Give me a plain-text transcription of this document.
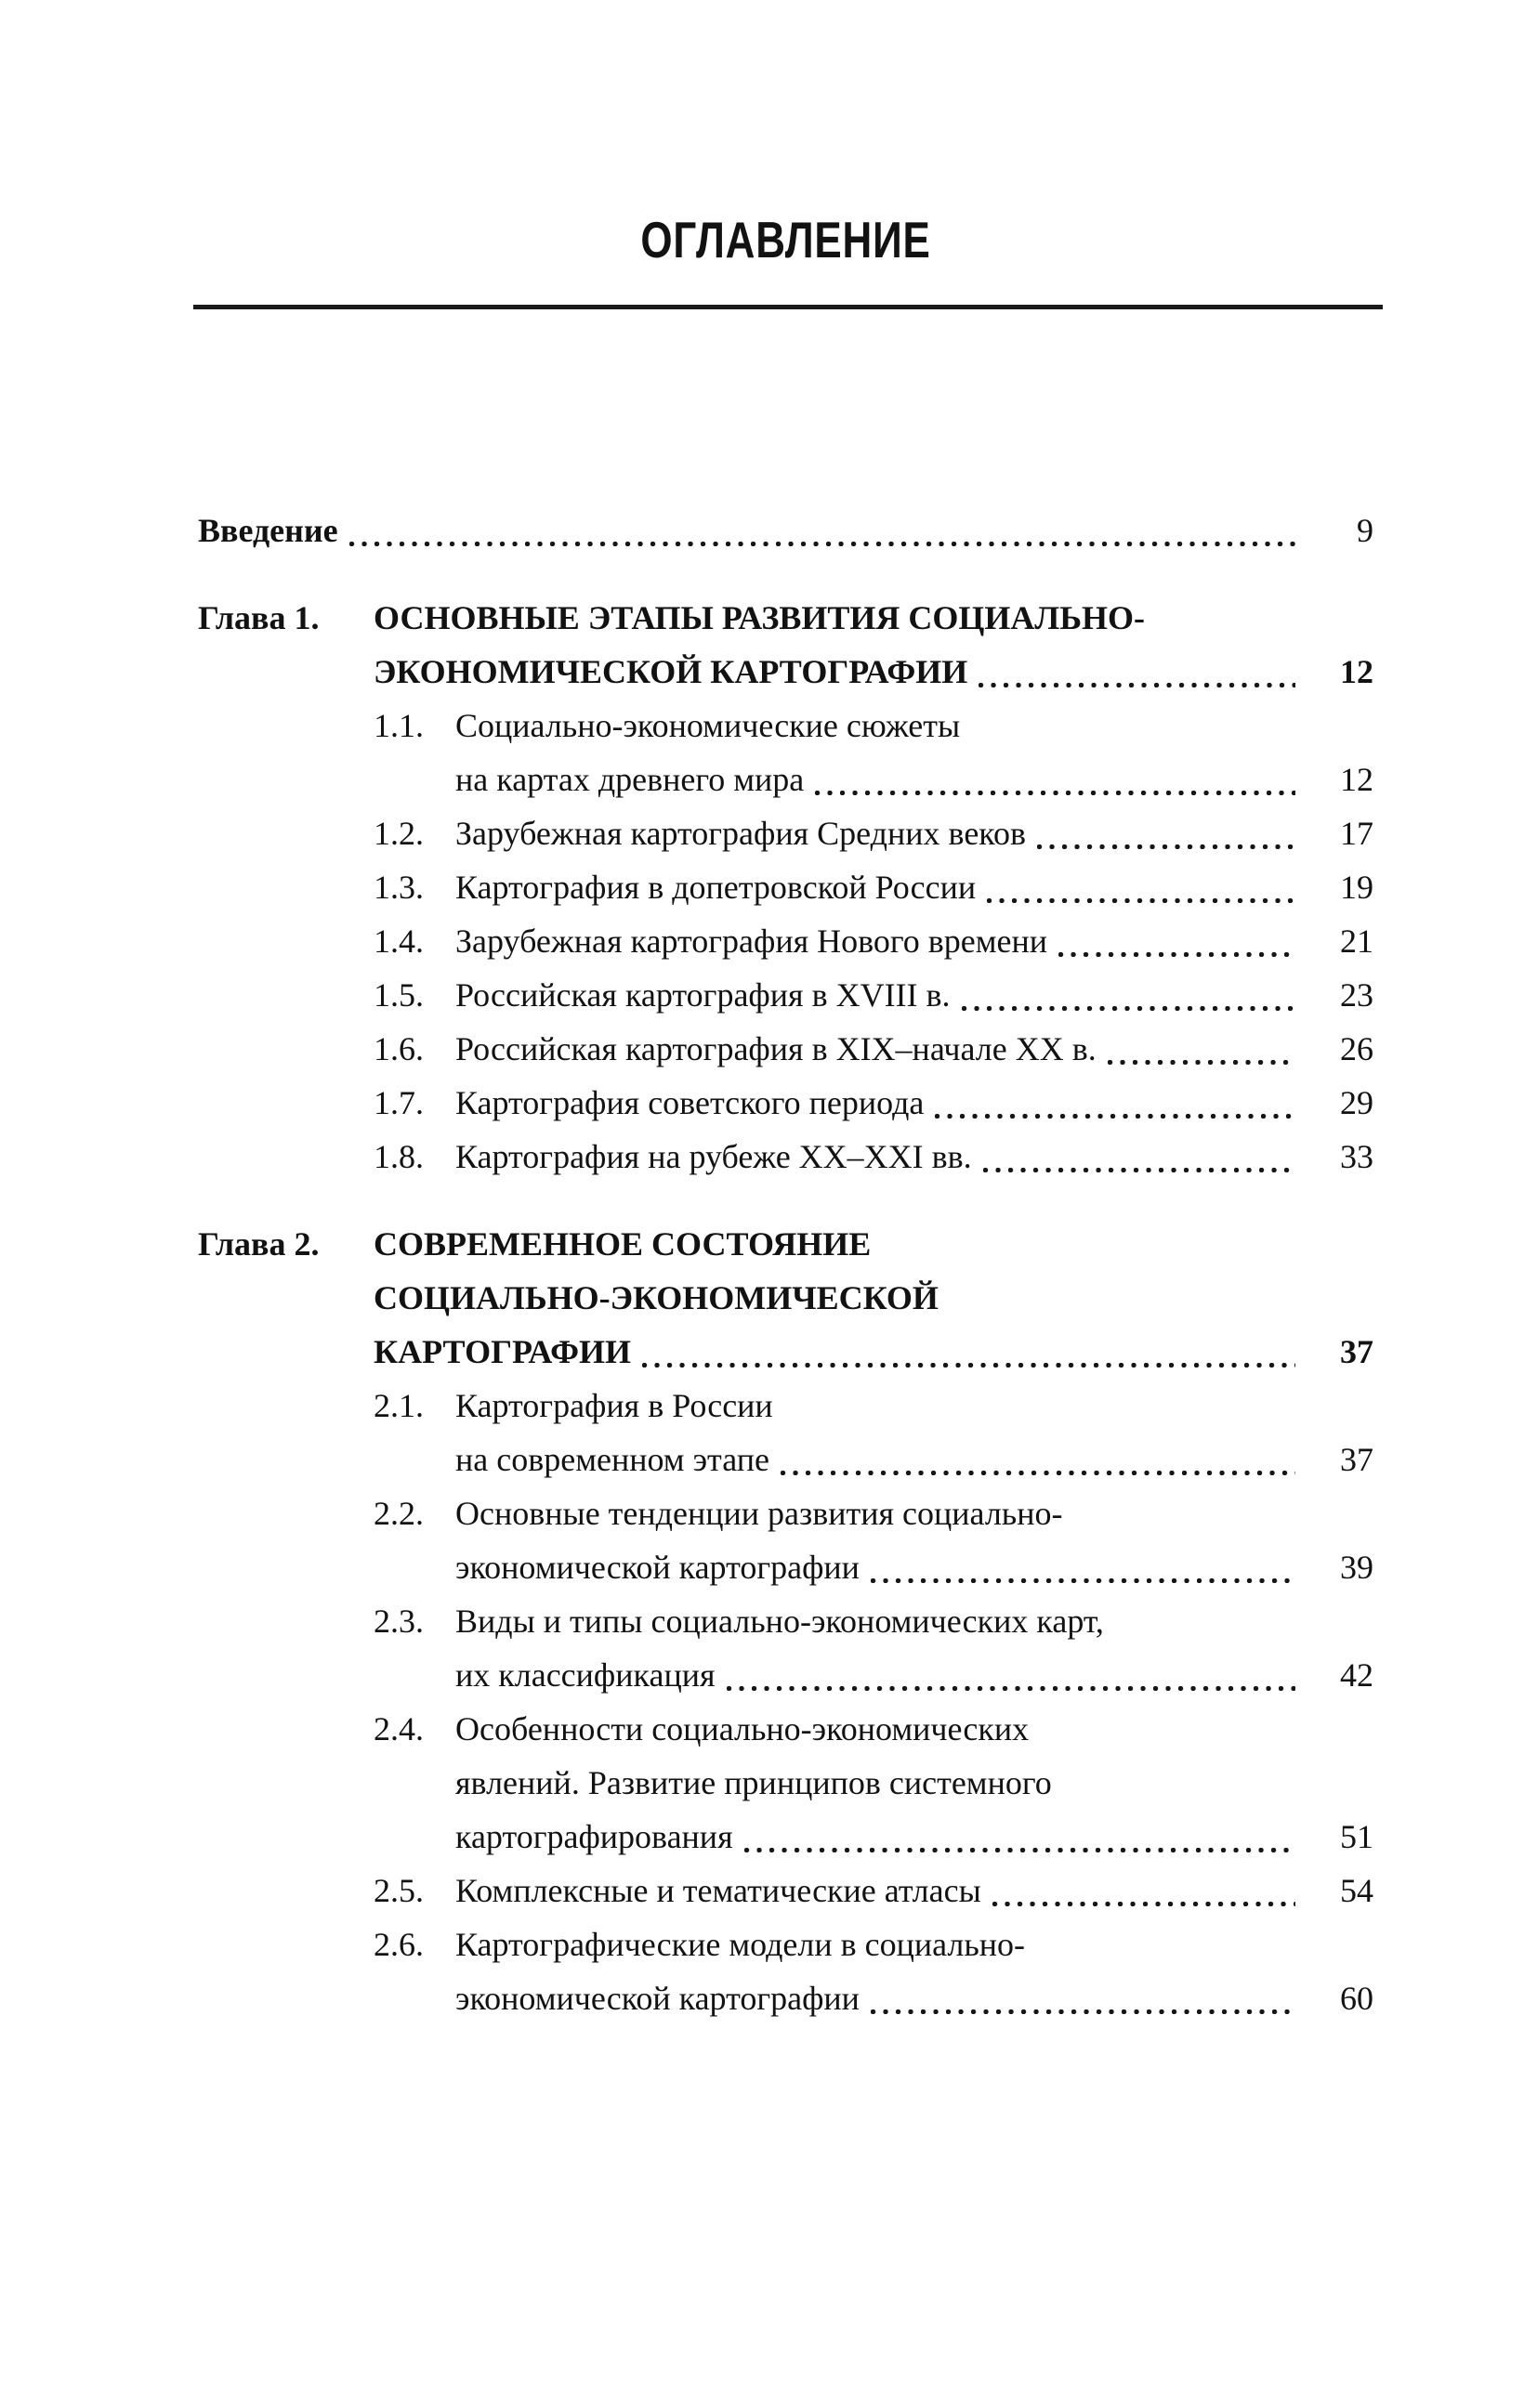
ОГЛАВЛЕНИЕ
Введение	9
Глава 1.	ОСНОВНЫЕ ЭТАПЫ РАЗВИТИЯ СОЦИАЛЬНО-
ЭКОНОМИЧЕСКОЙ КАРТОГРАФИИ	12
1.1. Социально-экономические сюжеты
на картах древнего мира	12
1.2. Зарубежная картография Средних веков	17
1.3. Картография в допетровской России	19
1.4. Зарубежная картография Нового времени	21
1.5. Российская картография в XVIII в.	23
1.6. Российская картография в XIX–начале XX в.	26
1.7. Картография советского периода	29
1.8. Картография на рубеже XX–XXI вв.	33
Глава 2.	СОВРЕМЕННОЕ СОСТОЯНИЕ
СОЦИАЛЬНО-ЭКОНОМИЧЕСКОЙ
КАРТОГРАФИИ	37
2.1. Картография в России
на современном этапе	37
2.2. Основные тенденции развития социально-
экономической картографии	39
2.3. Виды и типы социально-экономических карт,
их классификация	42
2.4. Особенности социально-экономических
явлений. Развитие принципов системного
картографирования	51
2.5. Комплексные и тематические атласы	54
2.6. Картографические модели в социально-
экономической картографии	60
